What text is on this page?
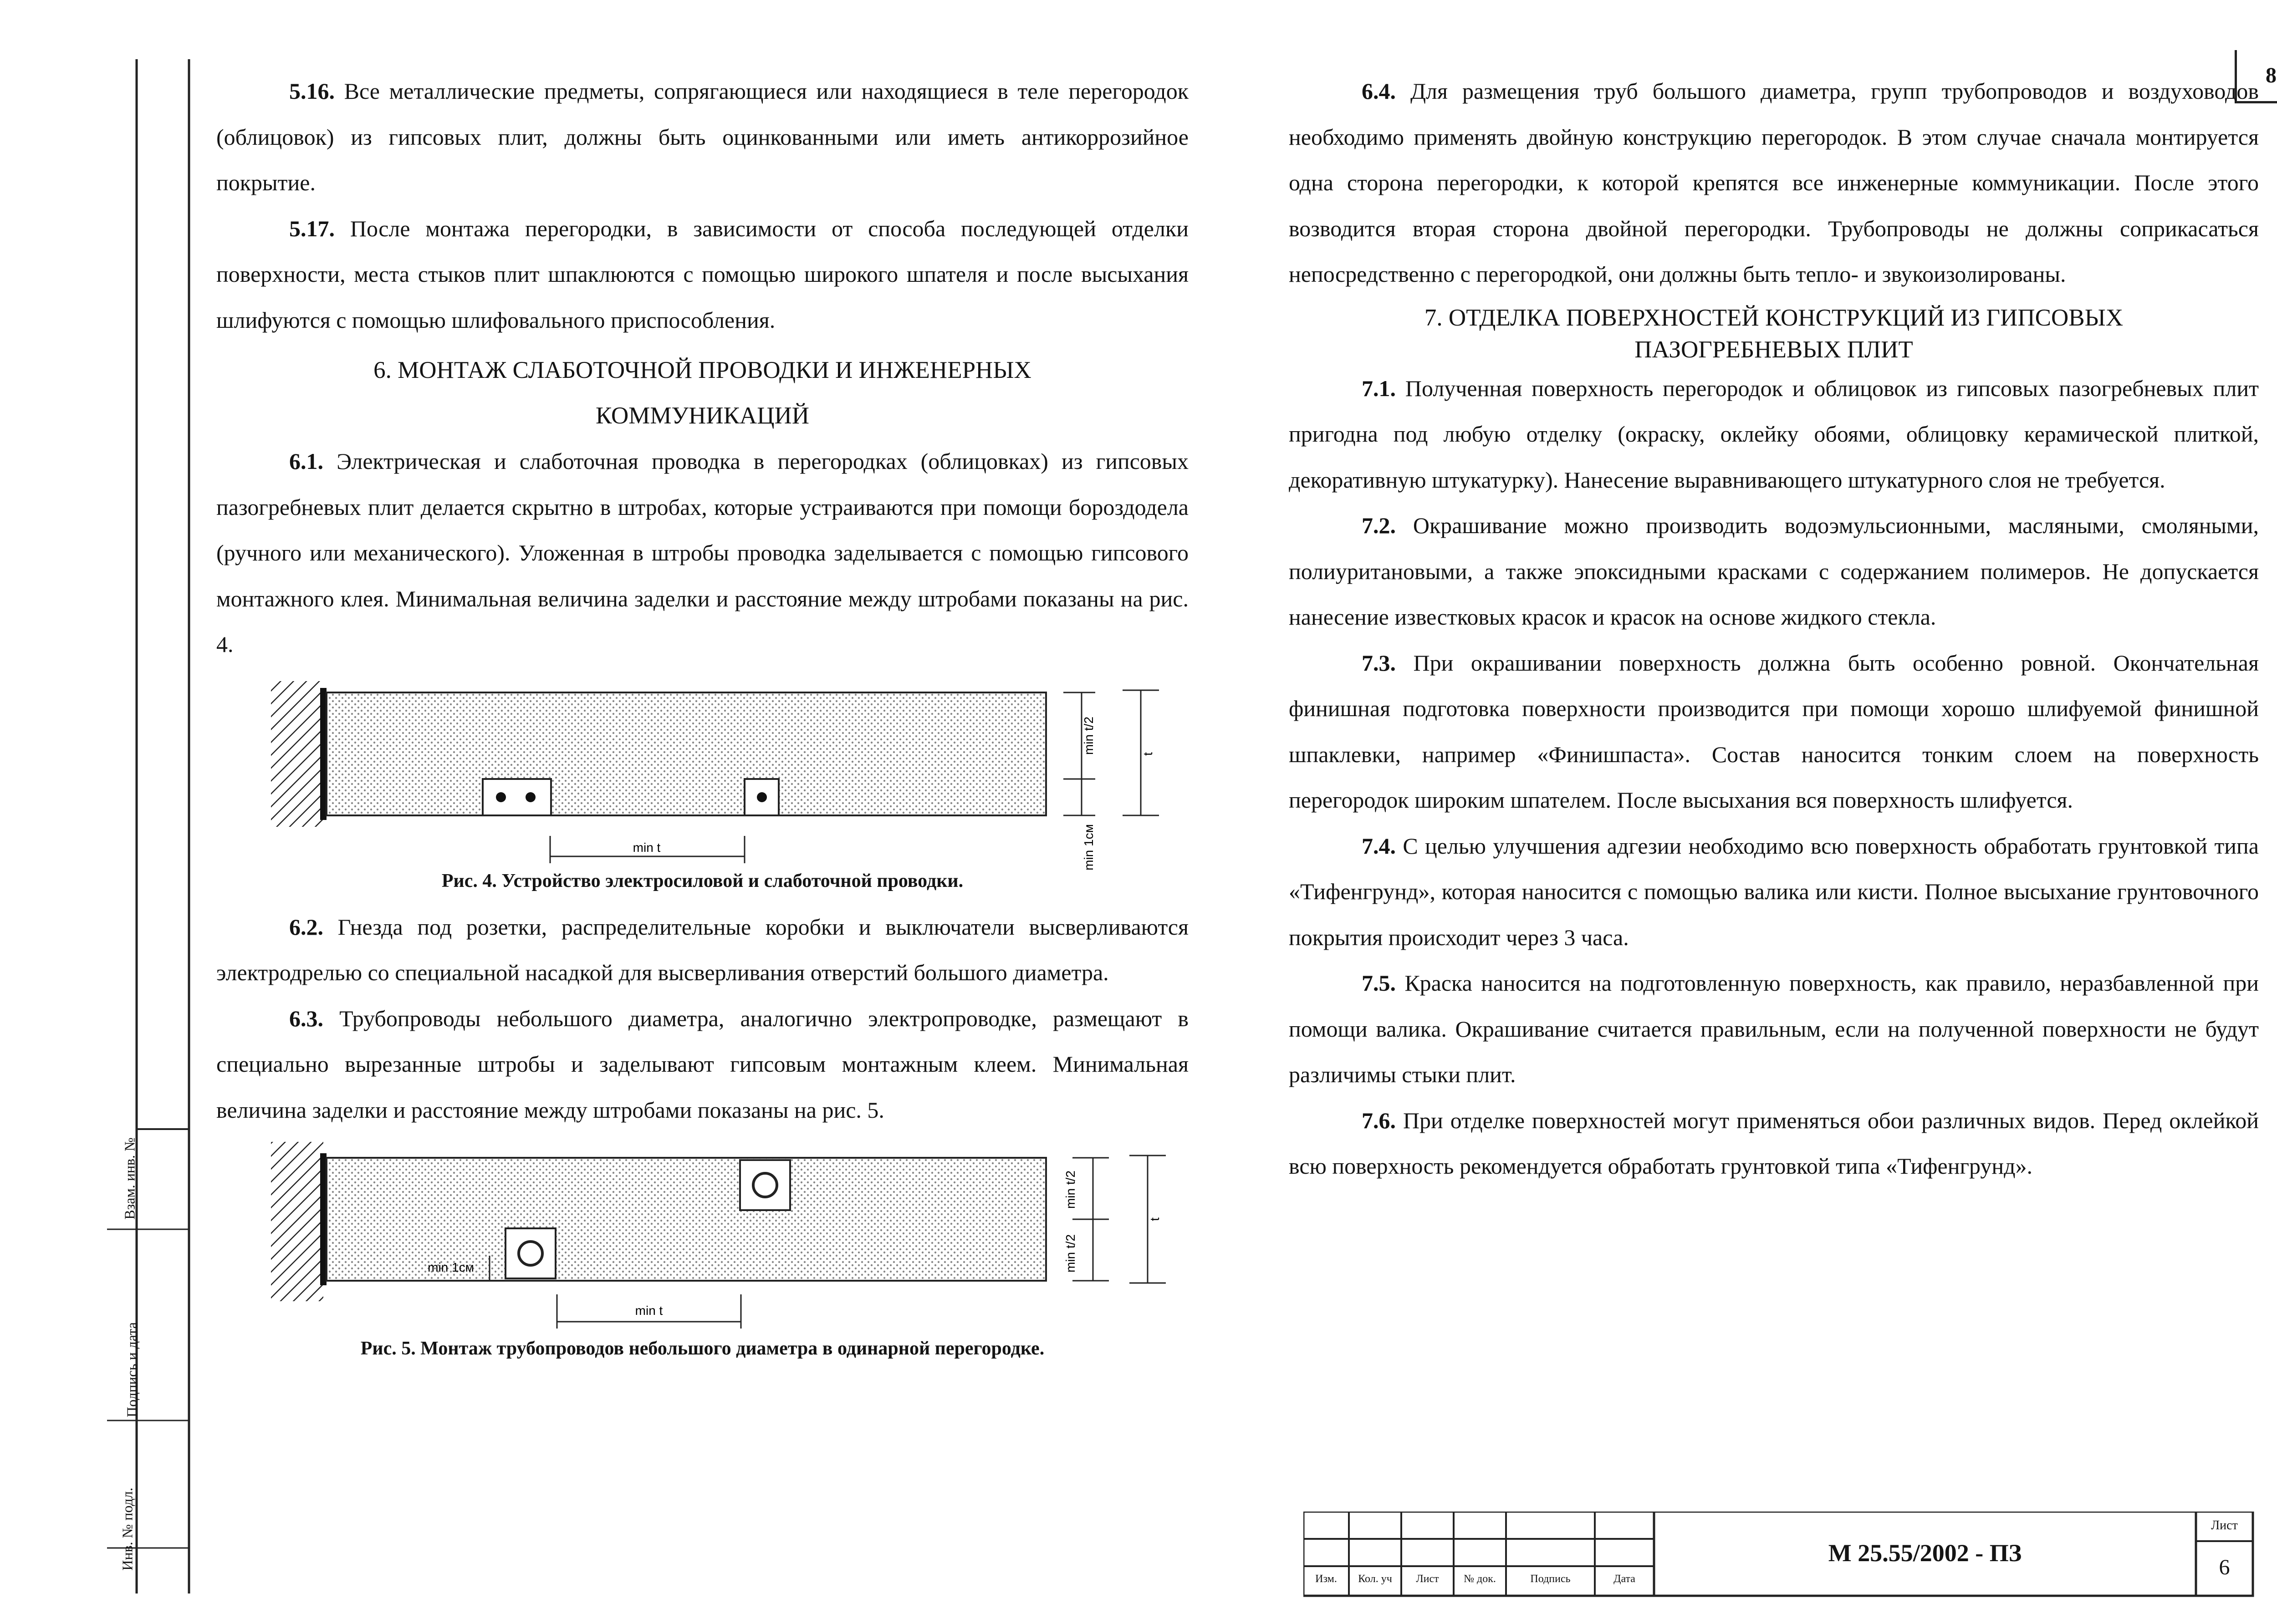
Взам. инв. №
Подпись и дата
Инв. № подл.
8

5.16. Все металлические предметы, сопрягающиеся или находящиеся в теле перегородок (облицовок) из гипсовых плит, должны быть оцинкованными или иметь антикоррозийное покрытие.

5.17. После монтажа перегородки, в зависимости от способа последующей отделки поверхности, места стыков плит шпаклюются с помощью широкого шпателя и после высыхания шлифуются с помощью шлифовального приспособления.

6. МОНТАЖ СЛАБОТОЧНОЙ ПРОВОДКИ И ИНЖЕНЕРНЫХ

КОММУНИКАЦИЙ

6.1. Электрическая и слаботочная проводка в перегородках (облицовках) из гипсовых пазогребневых плит делается скрытно в штробах, которые устраиваются при помощи бороздодела (ручного или механического). Уложенная в штробы проводка заделывается с помощью гипсового монтажного клея. Минимальная величина заделки и расстояние между штробами показаны на рис. 4.

min t
min t/2	t
min 1см

Рис. 4. Устройство электросиловой и слаботочной проводки.

6.2. Гнезда под розетки, распределительные коробки и выключатели высверливаются электродрелью со специальной насадкой для высверливания отверстий большого диаметра.

6.3. Трубопроводы небольшого диаметра, аналогично электропроводке, размещают в специально вырезанные штробы и заделывают гипсовым монтажным клеем. Минимальная величина заделки и расстояние между штробами показаны на рис. 5.

min t
min 1см
min t/2
min t/2
t

Рис. 5. Монтаж трубопроводов небольшого диаметра в одинарной перегородке.

6.4. Для размещения труб большого диаметра, групп трубопроводов и воздуховодов необходимо применять двойную конструкцию перегородок. В этом случае сначала монтируется одна сторона перегородки, к которой крепятся все инженерные коммуникации. После этого возводится вторая сторона двойной перегородки. Трубопроводы не должны соприкасаться непосредственно с перегородкой, они должны быть тепло- и звукоизолированы.

7. ОТДЕЛКА ПОВЕРХНОСТЕЙ КОНСТРУКЦИЙ ИЗ ГИПСОВЫХ

ПАЗОГРЕБНЕВЫХ ПЛИТ

7.1. Полученная поверхность перегородок и облицовок из гипсовых пазогребневых плит пригодна под любую отделку (окраску, оклейку обоями, облицовку керамической плиткой, декоративную штукатурку). Нанесение выравнивающего штукатурного слоя не требуется.

7.2. Окрашивание можно производить водоэмульсионными, масляными, смоляными, полиуритановыми, а также эпоксидными красками с содержанием полимеров. Не допускается нанесение известковых красок и красок на основе жидкого стекла.

7.3. При окрашивании поверхность должна быть особенно ровной. Окончательная финишная подготовка поверхности производится при помощи хорошо шлифуемой финишной шпаклевки, например «Финишпаста». Состав наносится тонким слоем на поверхность перегородок широким шпателем. После высыхания вся поверхность шлифуется.

7.4. С целью улучшения адгезии необходимо всю поверхность обработать грунтовкой типа «Тифенгрунд», которая наносится с помощью валика или кисти. Полное высыхание грунтовочного покрытия происходит через 3 часа.

7.5. Краска наносится на подготовленную поверхность, как правило, неразбавленной при помощи валика. Окрашивание считается правильным, если на полученной поверхности не будут различимы стыки плит.

7.6. При отделке поверхностей могут применяться обои различных видов. Перед оклейкой всю поверхность рекомендуется обработать грунтовкой типа «Тифенгрунд».

Изм.	Кол. уч	Лист	№ док.	Подпись	Дата
М 25.55/2002 - ПЗ
Лист
6
